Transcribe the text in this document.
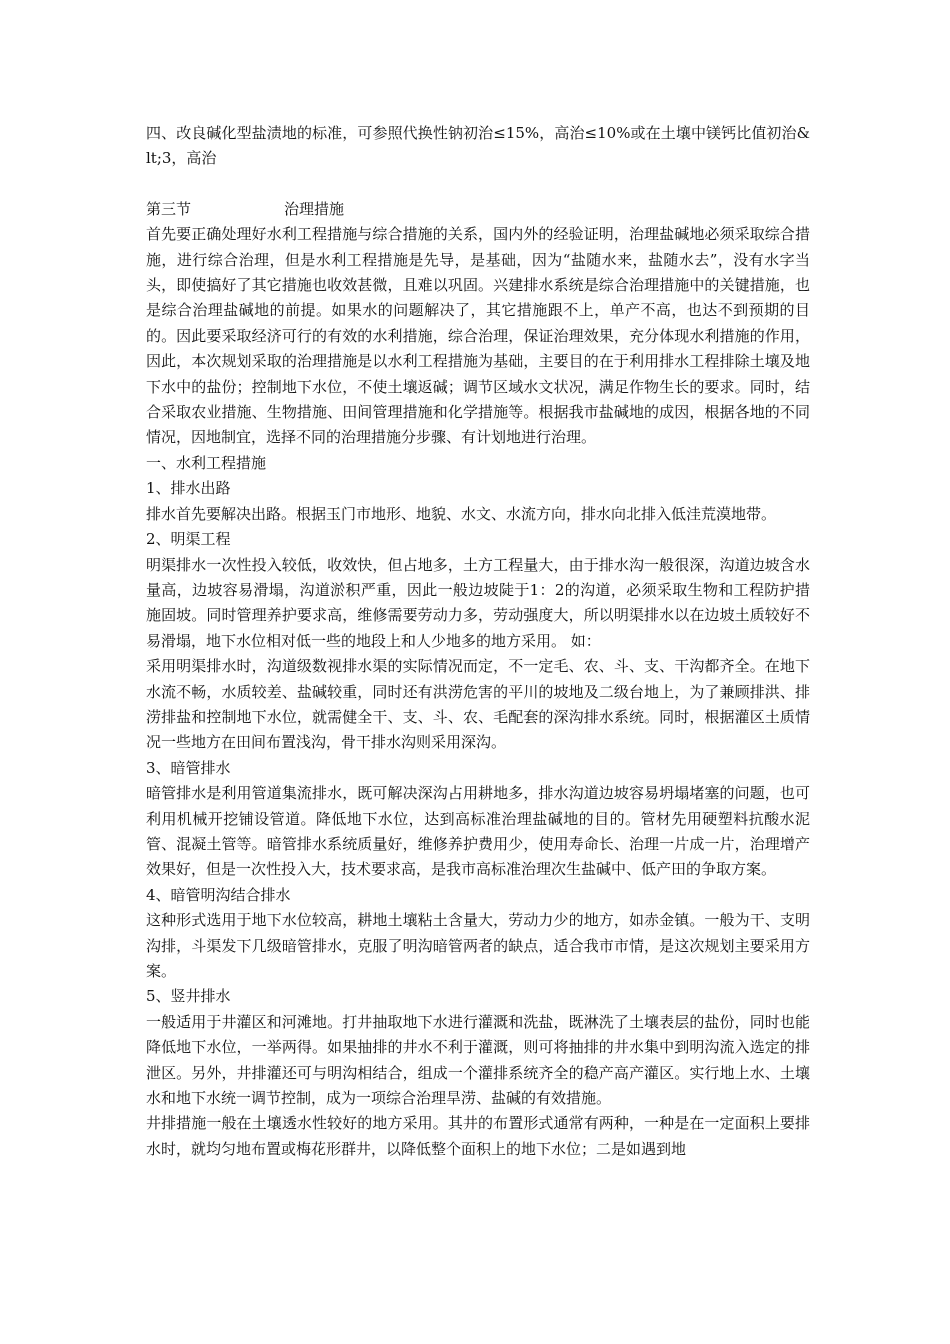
四、改良碱化型盐渍地的标准，可参照代换性钠初治≤15%，高治≤10%或在土壤中镁钙比值初治&lt;3，高治

第三节	治理措施

首先要正确处理好水利工程措施与综合措施的关系，国内外的经验证明，治理盐碱地必须采取综合措施，进行综合治理，但是水利工程措施是先导，是基础，因为“盐随水来，盐随水去”，没有水字当头，即使搞好了其它措施也收效甚微，且难以巩固。兴建排水系统是综合治理措施中的关键措施，也是综合治理盐碱地的前提。如果水的问题解决了，其它措施跟不上，单产不高，也达不到预期的目的。因此要采取经济可行的有效的水利措施，综合治理，保证治理效果，充分体现水利措施的作用，因此，本次规划采取的治理措施是以水利工程措施为基础，主要目的在于利用排水工程排除土壤及地下水中的盐份；控制地下水位，不使土壤返碱；调节区域水文状况，满足作物生长的要求。同时，结合采取农业措施、生物措施、田间管理措施和化学措施等。根据我市盐碱地的成因，根据各地的不同情况，因地制宜，选择不同的治理措施分步骤、有计划地进行治理。

一、水利工程措施

1、排水出路

排水首先要解决出路。根据玉门市地形、地貌、水文、水流方向，排水向北排入低洼荒漠地带。

2、明渠工程

明渠排水一次性投入较低，收效快，但占地多，土方工程量大，由于排水沟一般很深，沟道边坡含水量高，边坡容易滑塌，沟道淤积严重，因此一般边坡陡于1：2的沟道，必须采取生物和工程防护措施固坡。同时管理养护要求高，维修需要劳动力多，劳动强度大，所以明渠排水以在边坡土质较好不易滑塌，地下水位相对低一些的地段上和人少地多的地方采用。 如：

采用明渠排水时，沟道级数视排水渠的实际情况而定，不一定毛、农、斗、支、干沟都齐全。在地下水流不畅，水质较差、盐碱较重，同时还有洪涝危害的平川的坡地及二级台地上，为了兼顾排洪、排涝排盐和控制地下水位，就需健全干、支、斗、农、毛配套的深沟排水系统。同时，根据灌区土质情况一些地方在田间布置浅沟，骨干排水沟则采用深沟。

3、暗管排水

暗管排水是利用管道集流排水，既可解决深沟占用耕地多，排水沟道边坡容易坍塌堵塞的问题，也可利用机械开挖铺设管道。降低地下水位，达到高标准治理盐碱地的目的。管材先用硬塑料抗酸水泥管、混凝土管等。暗管排水系统质量好，维修养护费用少，使用寿命长、治理一片成一片，治理增产效果好，但是一次性投入大，技术要求高，是我市高标准治理次生盐碱中、低产田的争取方案。

4、暗管明沟结合排水

这种形式选用于地下水位较高，耕地土壤粘土含量大，劳动力少的地方，如赤金镇。一般为干、支明沟排，斗渠发下几级暗管排水，克服了明沟暗管两者的缺点，适合我市市情，是这次规划主要采用方案。

5、竖井排水

一般适用于井灌区和河滩地。打井抽取地下水进行灌溉和洗盐，既淋洗了土壤表层的盐份，同时也能降低地下水位，一举两得。如果抽排的井水不利于灌溉，则可将抽排的井水集中到明沟流入选定的排泄区。另外，井排灌还可与明沟相结合，组成一个灌排系统齐全的稳产高产灌区。实行地上水、土壤水和地下水统一调节控制，成为一项综合治理旱涝、盐碱的有效措施。

井排措施一般在土壤透水性较好的地方采用。其井的布置形式通常有两种，一种是在一定面积上要排水时，就均匀地布置或梅花形群井，以降低整个面积上的地下水位；二是如遇到地
